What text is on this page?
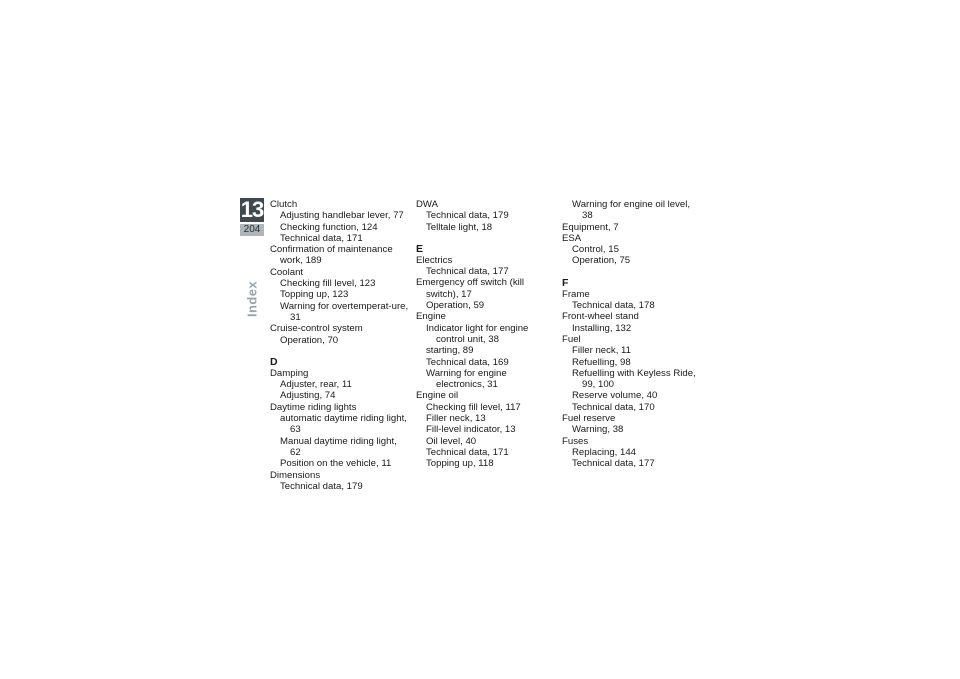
13
204
Index
Clutch
Adjusting handlebar lever, 77
Checking function, 124
Technical data, 171
Confirmation of maintenance work, 189
Coolant
Checking fill level, 123
Topping up, 123
Warning for overtemperat-ure, 31
Cruise-control system
Operation, 70
D
Damping
Adjuster, rear, 11
Adjusting, 74
Daytime riding lights
automatic daytime riding light, 63
Manual daytime riding light, 62
Position on the vehicle, 11
Dimensions
Technical data, 179
DWA
Technical data, 179
Telltale light, 18
E
Electrics
Technical data, 177
Emergency off switch (kill switch), 17
Operation, 59
Engine
Indicator light for engine control unit, 38
starting, 89
Technical data, 169
Warning for engine electronics, 31
Engine oil
Checking fill level, 117
Filler neck, 13
Fill-level indicator, 13
Oil level, 40
Technical data, 171
Topping up, 118
Warning for engine oil level, 38
Equipment, 7
ESA
Control, 15
Operation, 75
F
Frame
Technical data, 178
Front-wheel stand
Installing, 132
Fuel
Filler neck, 11
Refuelling, 98
Refuelling with Keyless Ride, 99, 100
Reserve volume, 40
Technical data, 170
Fuel reserve
Warning, 38
Fuses
Replacing, 144
Technical data, 177
